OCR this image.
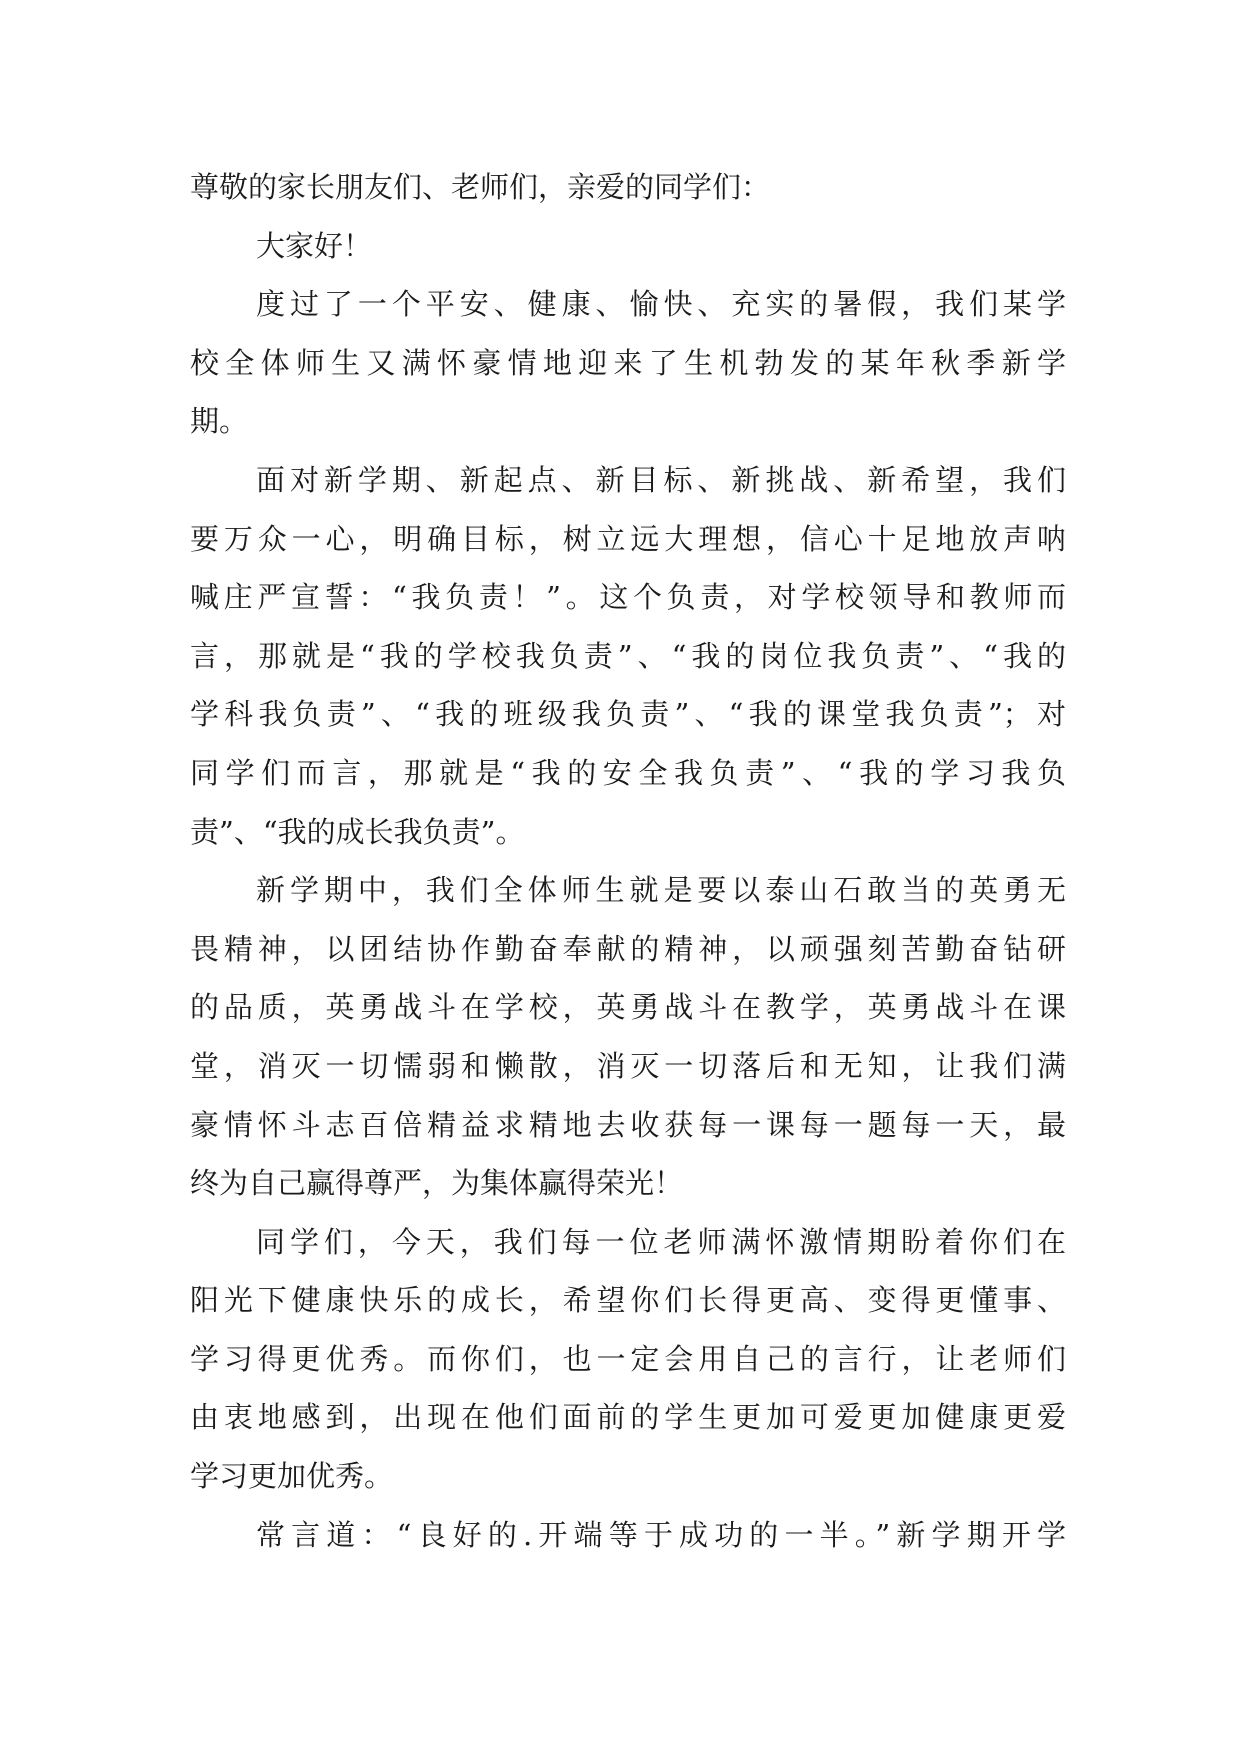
尊敬的家长朋友们、老师们，亲爱的同学们：
大家好！
度过了一个平安、健康、愉快、充实的暑假，我们某学
校全体师生又满怀豪情地迎来了生机勃发的某年秋季新学
期。
面对新学期、新起点、新目标、新挑战、新希望，我们
要万众一心，明确目标，树立远大理想，信心十足地放声呐
喊庄严宣誓：“我负责！”。这个负责，对学校领导和教师而
言，那就是“我的学校我负责”、“我的岗位我负责”、“我的
学科我负责”、“我的班级我负责”、“我的课堂我负责”；对
同学们而言，那就是“我的安全我负责”、“我的学习我负
责”、“我的成长我负责”。
新学期中，我们全体师生就是要以泰山石敢当的英勇无
畏精神，以团结协作勤奋奉献的精神，以顽强刻苦勤奋钻研
的品质，英勇战斗在学校，英勇战斗在教学，英勇战斗在课
堂，消灭一切懦弱和懒散，消灭一切落后和无知，让我们满
豪情怀斗志百倍精益求精地去收获每一课每一题每一天，最
终为自己赢得尊严，为集体赢得荣光！
同学们，今天，我们每一位老师满怀激情期盼着你们在
阳光下健康快乐的成长，希望你们长得更高、变得更懂事、
学习得更优秀。而你们，也一定会用自己的言行，让老师们
由衷地感到，出现在他们面前的学生更加可爱更加健康更爱
学习更加优秀。
常言道：“良好的.开端等于成功的一半。”新学期开学
